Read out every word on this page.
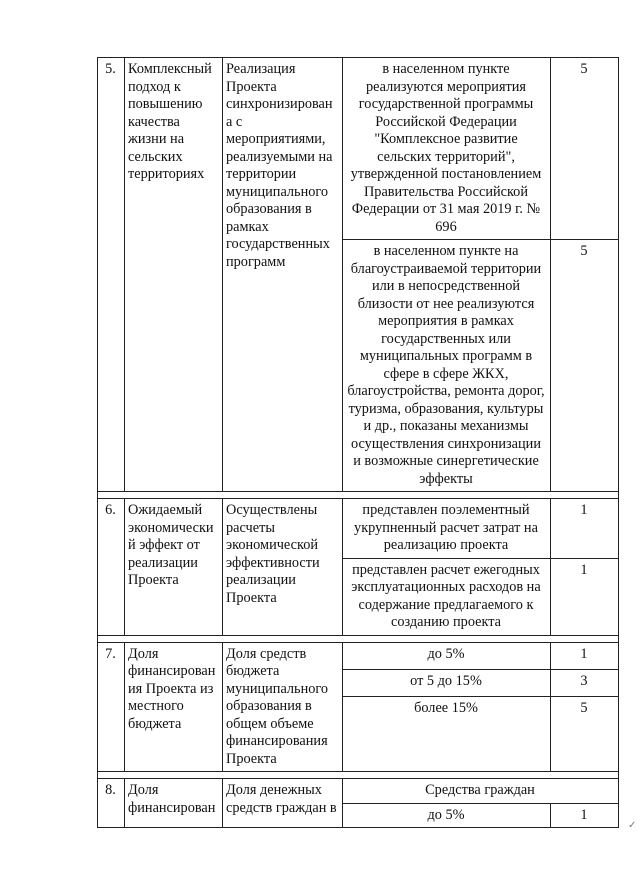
5.	Комплексный подход к повышению качества жизни на сельских территориях	Реализация Проекта синхронизирован а с мероприятиями, реализуемыми на территории муниципального образования в рамках государственных программ	в населенном пункте реализуются мероприятия государственной программы Российской Федерации "Комплексное развитие сельских территорий", утвержденной постановлением Правительства Российской Федерации от 31 мая 2019 г. № 696	5
			в населенном пункте на благоустраиваемой территории или в непосредственной близости от нее реализуются мероприятия в рамках государственных или муниципальных программ в сфере в сфере ЖКХ, благоустройства, ремонта дорог, туризма, образования, культуры и др., показаны механизмы осуществления синхронизации и возможные синергетические эффекты	5

6.	Ожидаемый экономически й эффект от реализации Проекта	Осуществлены расчеты экономической эффективности реализации Проекта	представлен поэлементный укрупненный расчет затрат на реализацию проекта	1
			представлен расчет ежегодных эксплуатационных расходов на содержание предлагаемого к созданию проекта	1

7.	Доля финансирован ия Проекта из местного бюджета	Доля средств бюджета муниципального образования в общем объеме финансирования Проекта	до 5%	1
			от 5 до 15%	3
			более 15%	5

8.	Доля финансирован	Доля денежных средств граждан в	Средства граждан	
			до 5%	1
✓
